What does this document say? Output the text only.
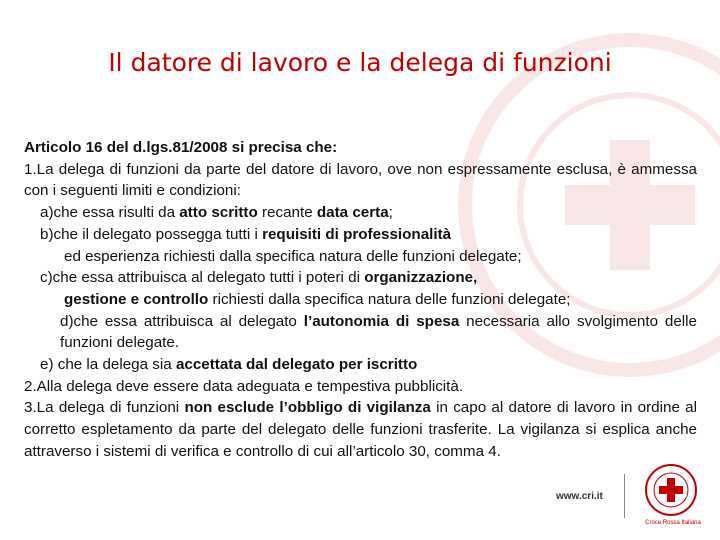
Il datore di lavoro e la delega di funzioni

Articolo 16 del d.lgs.81/2008 si precisa che:

1.La delega di funzioni da parte del datore di lavoro, ove non espressamente esclusa, è ammessa con i seguenti limiti e condizioni:

a)che essa risulti da atto scritto recante data certa;

b)che il delegato possegga tutti i requisiti di professionalità

ed esperienza richiesti dalla specifica natura delle funzioni delegate;

c)che essa attribuisca al delegato tutti i poteri di organizzazione,

gestione e controllo richiesti dalla specifica natura delle funzioni delegate;

d)che essa attribuisca al delegato l’autonomia di spesa necessaria allo svolgimento delle funzioni delegate.

e) che la delega sia accettata dal delegato per iscritto

2.Alla delega deve essere data adeguata e tempestiva pubblicità.

3.La delega di funzioni non esclude l’obbligo di vigilanza in capo al datore di lavoro in ordine al corretto espletamento da parte del delegato delle funzioni trasferite. La vigilanza si esplica anche attraverso i sistemi di verifica e controllo di cui all’articolo 30, comma 4.

www.cri.it
Croce Rossa Italiana
